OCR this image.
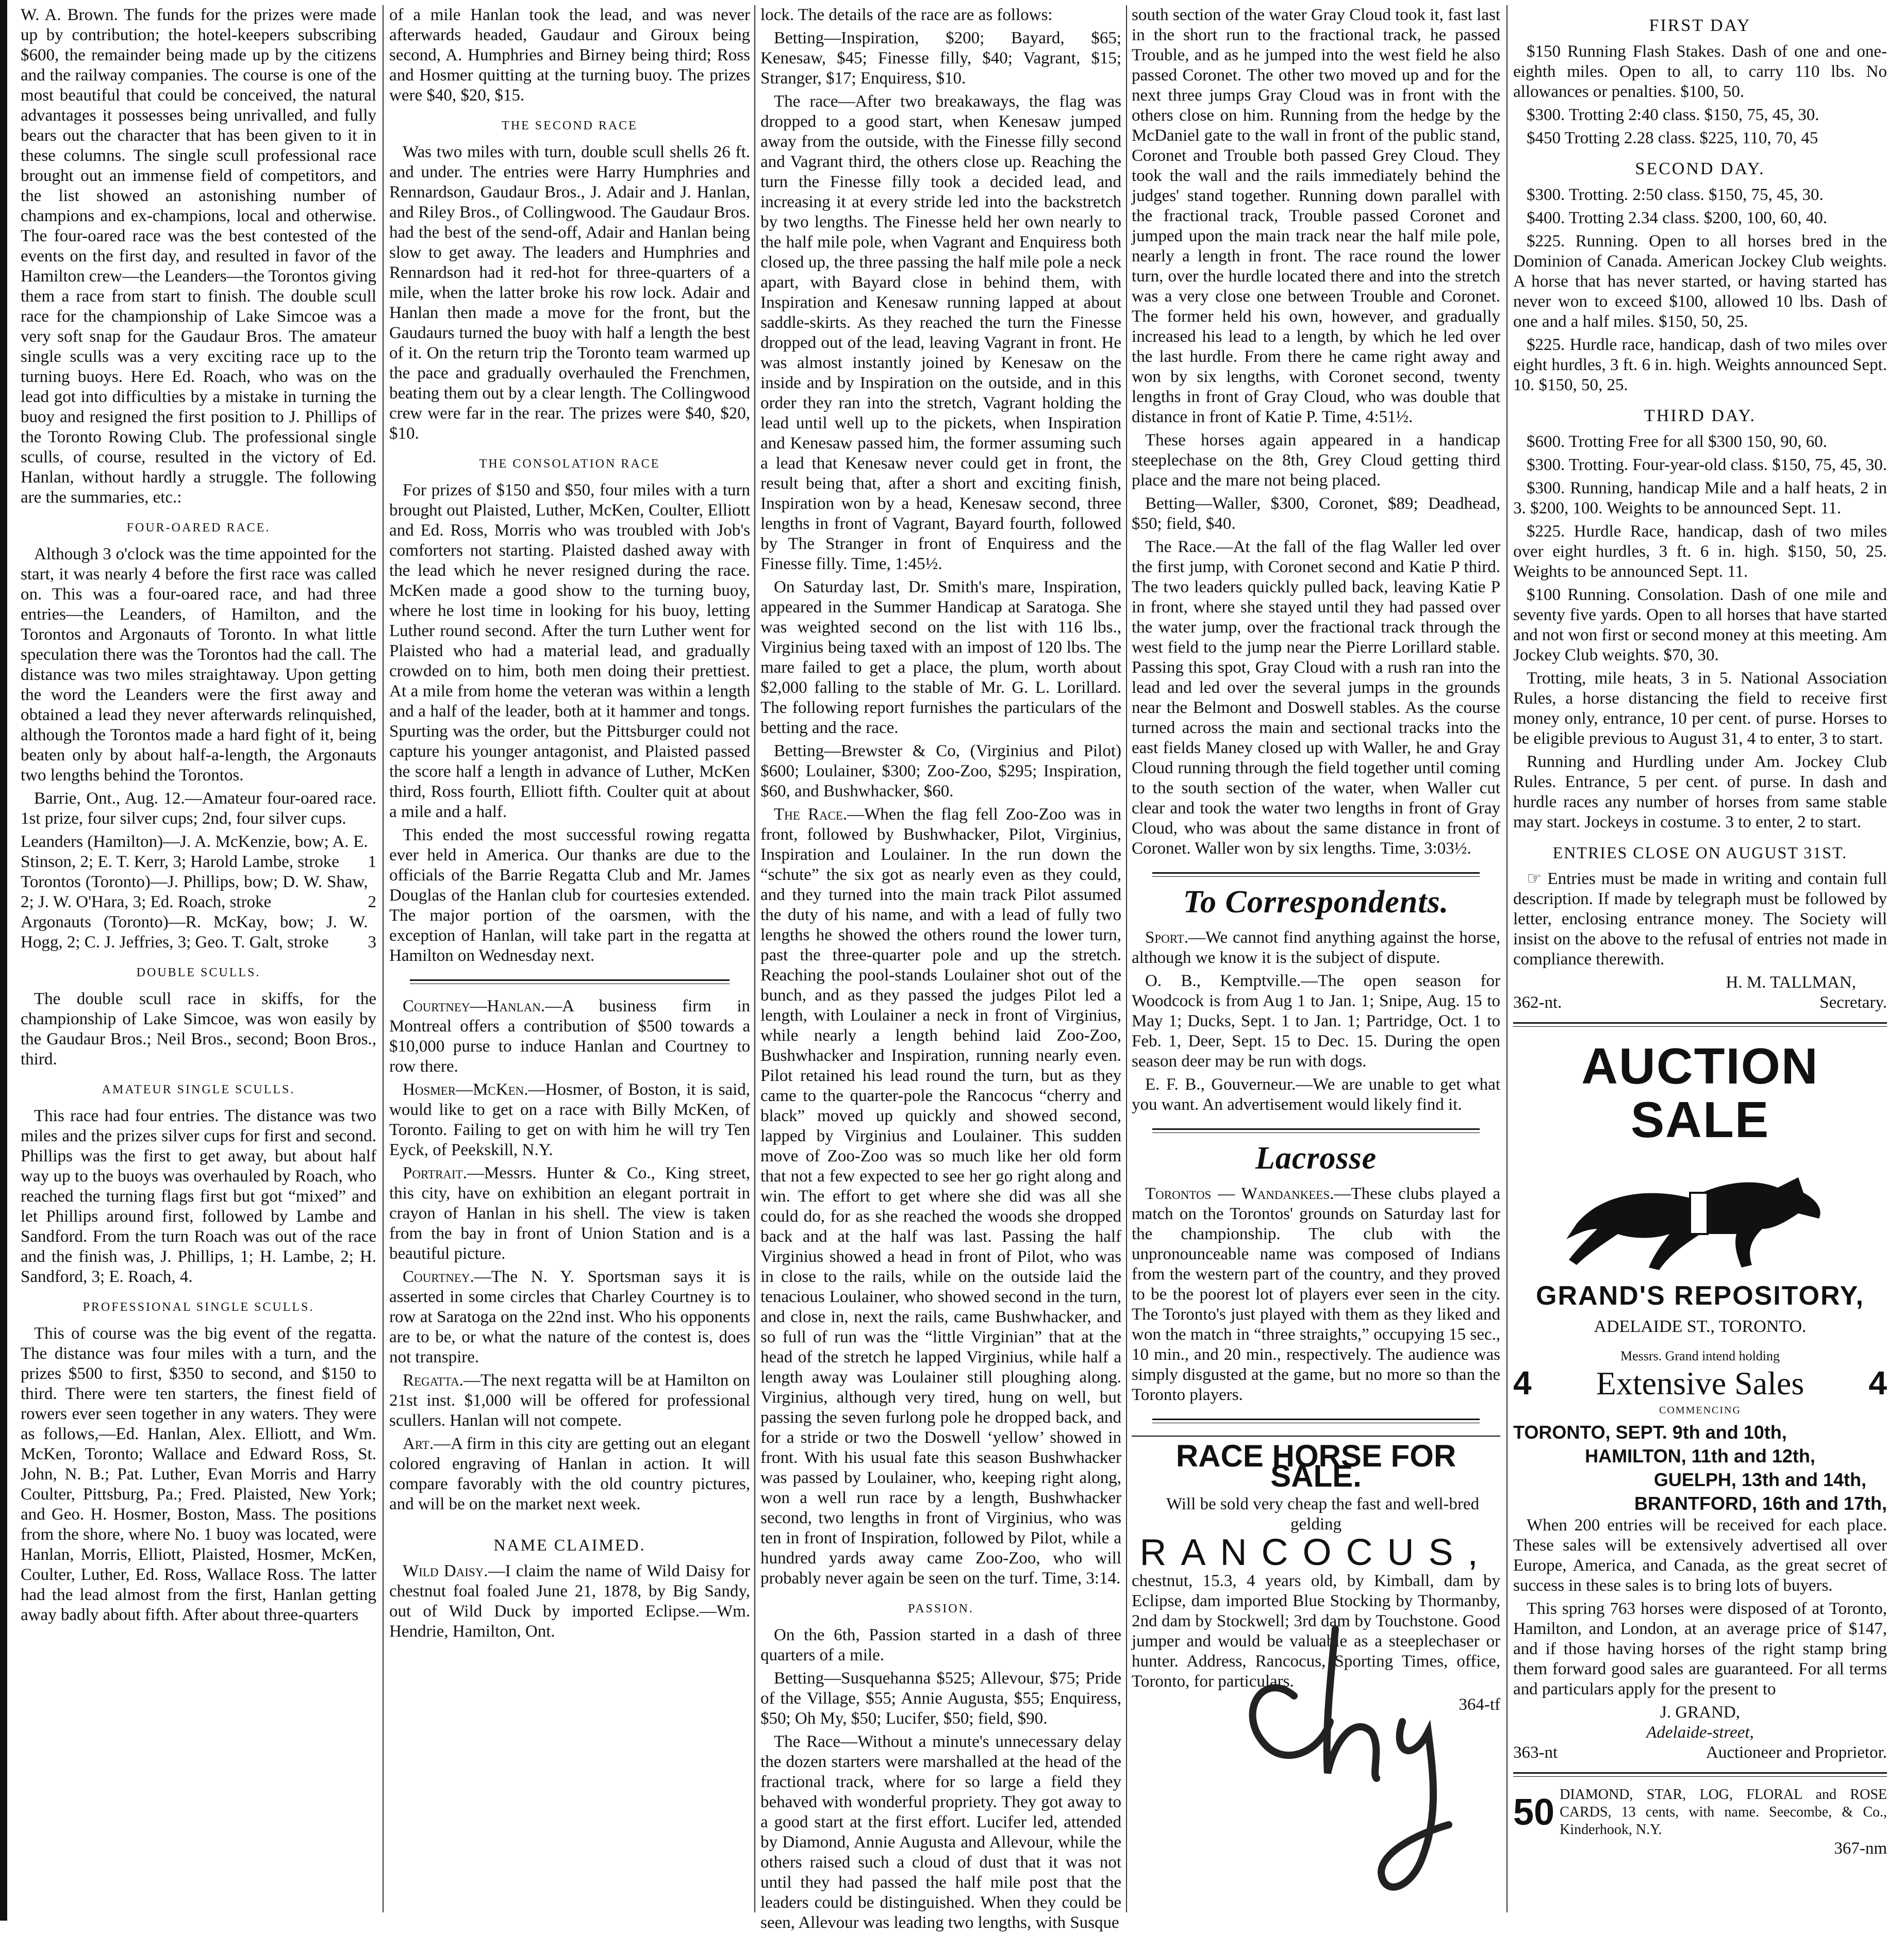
W. A. Brown. The funds for the prizes were made up by contribution; the hotel-keepers subscribing $600, the remainder being made up by the citizens and the railway companies. The course is one of the most beautiful that could be conceived, the natural advantages it possesses being unrivalled, and fully bears out the character that has been given to it in these columns. The single scull professional race brought out an immense field of competitors, and the list showed an astonishing number of champions and ex-champions, local and otherwise. The four-oared race was the best contested of the events on the first day, and resulted in favor of the Hamilton crew—the Leanders—the Torontos giving them a race from start to finish. The double scull race for the championship of Lake Simcoe was a very soft snap for the Gaudaur Bros. The amateur single sculls was a very exciting race up to the turning buoys. Here Ed. Roach, who was on the lead got into difficulties by a mistake in turning the buoy and resigned the first position to J. Phillips of the Toronto Rowing Club. The professional single sculls, of course, resulted in the victory of Ed. Hanlan, without hardly a struggle. The following are the summaries, etc.:

FOUR-OARED RACE.

Although 3 o'clock was the time appointed for the start, it was nearly 4 before the first race was called on. This was a four-oared race, and had three entries—the Leanders, of Hamilton, and the Torontos and Argonauts of Toronto. In what little speculation there was the Torontos had the call. The distance was two miles straightaway. Upon getting the word the Leanders were the first away and obtained a lead they never afterwards relinquished, although the Torontos made a hard fight of it, being beaten only by about half-a-length, the Argonauts two lengths behind the Torontos.

Barrie, Ont., Aug. 12.—Amateur four-oared race. 1st prize, four silver cups; 2nd, four silver cups.

Leanders (Hamilton)—J. A. McKenzie, bow; A. E. Stinson, 2; E. T. Kerr, 3; Harold Lambe, stroke	1
Torontos (Toronto)—J. Phillips, bow; D. W. Shaw, 2; J. W. O'Hara, 3; Ed. Roach, stroke	2
Argonauts (Toronto)—R. McKay, bow; J. W. Hogg, 2; C. J. Jeffries, 3; Geo. T. Galt, stroke	3
DOUBLE SCULLS.

The double scull race in skiffs, for the championship of Lake Simcoe, was won easily by the Gaudaur Bros.; Neil Bros., second; Boon Bros., third.

AMATEUR SINGLE SCULLS.

This race had four entries. The distance was two miles and the prizes silver cups for first and second. Phillips was the first to get away, but about half way up to the buoys was overhauled by Roach, who reached the turning flags first but got “mixed” and let Phillips around first, followed by Lambe and Sandford. From the turn Roach was out of the race and the finish was, J. Phillips, 1; H. Lambe, 2; H. Sandford, 3; E. Roach, 4.

PROFESSIONAL SINGLE SCULLS.

This of course was the big event of the regatta. The distance was four miles with a turn, and the prizes $500 to first, $350 to second, and $150 to third. There were ten starters, the finest field of rowers ever seen together in any waters. They were as follows,—Ed. Hanlan, Alex. Elliott, and Wm. McKen, Toronto; Wallace and Edward Ross, St. John, N. B.; Pat. Luther, Evan Morris and Harry Coulter, Pittsburg, Pa.; Fred. Plaisted, New York; and Geo. H. Hosmer, Boston, Mass. The positions from the shore, where No. 1 buoy was located, were Hanlan, Morris, Elliott, Plaisted, Hosmer, McKen, Coulter, Luther, Ed. Ross, Wallace Ross. The latter had the lead almost from the first, Hanlan getting away badly about fifth. After about three-quarters

of a mile Hanlan took the lead, and was never afterwards headed, Gaudaur and Giroux being second, A. Humphries and Birney being third; Ross and Hosmer quitting at the turning buoy. The prizes were $40, $20, $15.

THE SECOND RACE

Was two miles with turn, double scull shells 26 ft. and under. The entries were Harry Humphries and Rennardson, Gaudaur Bros., J. Adair and J. Hanlan, and Riley Bros., of Collingwood. The Gaudaur Bros. had the best of the send-off, Adair and Hanlan being slow to get away. The leaders and Humphries and Rennardson had it red-hot for three-quarters of a mile, when the latter broke his row lock. Adair and Hanlan then made a move for the front, but the Gaudaurs turned the buoy with half a length the best of it. On the return trip the Toronto team warmed up the pace and gradually overhauled the Frenchmen, beating them out by a clear length. The Collingwood crew were far in the rear. The prizes were $40, $20, $10.

THE CONSOLATION RACE

For prizes of $150 and $50, four miles with a turn brought out Plaisted, Luther, McKen, Coulter, Elliott and Ed. Ross, Morris who was troubled with Job's comforters not starting. Plaisted dashed away with the lead which he never resigned during the race. McKen made a good show to the turning buoy, where he lost time in looking for his buoy, letting Luther round second. After the turn Luther went for Plaisted who had a material lead, and gradually crowded on to him, both men doing their prettiest. At a mile from home the veteran was within a length and a half of the leader, both at it hammer and tongs. Spurting was the order, but the Pittsburger could not capture his younger antagonist, and Plaisted passed the score half a length in advance of Luther, McKen third, Ross fourth, Elliott fifth. Coulter quit at about a mile and a half.

This ended the most successful rowing regatta ever held in America. Our thanks are due to the officials of the Barrie Regatta Club and Mr. James Douglas of the Hanlan club for courtesies extended. The major portion of the oarsmen, with the exception of Hanlan, will take part in the regatta at Hamilton on Wednesday next.

Courtney—Hanlan.—A business firm in Montreal offers a contribution of $500 towards a $10,000 purse to induce Hanlan and Courtney to row there.

Hosmer—McKen.—Hosmer, of Boston, it is said, would like to get on a race with Billy McKen, of Toronto. Failing to get on with him he will try Ten Eyck, of Peekskill, N.Y.

Portrait.—Messrs. Hunter & Co., King street, this city, have on exhibition an elegant portrait in crayon of Hanlan in his shell. The view is taken from the bay in front of Union Station and is a beautiful picture.

Courtney.—The N. Y. Sportsman says it is asserted in some circles that Charley Courtney is to row at Saratoga on the 22nd inst. Who his opponents are to be, or what the nature of the contest is, does not transpire.

Regatta.—The next regatta will be at Hamilton on 21st inst. $1,000 will be offered for professional scullers. Hanlan will not compete.

Art.—A firm in this city are getting out an elegant colored engraving of Hanlan in action. It will compare favorably with the old country pictures, and will be on the market next week.

NAME CLAIMED.

Wild Daisy.—I claim the name of Wild Daisy for chestnut foal foaled June 21, 1878, by Big Sandy, out of Wild Duck by imported Eclipse.—Wm. Hendrie, Hamilton, Ont.

lock. The details of the race are as follows:

Betting—Inspiration, $200; Bayard, $65; Kenesaw, $45; Finesse filly, $40; Vagrant, $15; Stranger, $17; Enquiress, $10.

The race—After two breakaways, the flag was dropped to a good start, when Kenesaw jumped away from the outside, with the Finesse filly second and Vagrant third, the others close up. Reaching the turn the Finesse filly took a decided lead, and increasing it at every stride led into the backstretch by two lengths. The Finesse held her own nearly to the half mile pole, when Vagrant and Enquiress both closed up, the three passing the half mile pole a neck apart, with Bayard close in behind them, with Inspiration and Kenesaw running lapped at about saddle-skirts. As they reached the turn the Finesse dropped out of the lead, leaving Vagrant in front. He was almost instantly joined by Kenesaw on the inside and by Inspiration on the outside, and in this order they ran into the stretch, Vagrant holding the lead until well up to the pickets, when Inspiration and Kenesaw passed him, the former assuming such a lead that Kenesaw never could get in front, the result being that, after a short and exciting finish, Inspiration won by a head, Kenesaw second, three lengths in front of Vagrant, Bayard fourth, followed by The Stranger in front of Enquiress and the Finesse filly. Time, 1:45½.

On Saturday last, Dr. Smith's mare, Inspiration, appeared in the Summer Handicap at Saratoga. She was weighted second on the list with 116 lbs., Virginius being taxed with an impost of 120 lbs. The mare failed to get a place, the plum, worth about $2,000 falling to the stable of Mr. G. L. Lorillard. The following report furnishes the particulars of the betting and the race.

Betting—Brewster & Co, (Virginius and Pilot) $600; Loulainer, $300; Zoo-Zoo, $295; Inspiration, $60, and Bushwhacker, $60.

The Race.—When the flag fell Zoo-Zoo was in front, followed by Bushwhacker, Pilot, Virginius, Inspiration and Loulainer. In the run down the “schute” the six got as nearly even as they could, and they turned into the main track Pilot assumed the duty of his name, and with a lead of fully two lengths he showed the others round the lower turn, past the three-quarter pole and up the stretch. Reaching the pool-stands Loulainer shot out of the bunch, and as they passed the judges Pilot led a length, with Loulainer a neck in front of Virginius, while nearly a length behind laid Zoo-Zoo, Bushwhacker and Inspiration, running nearly even. Pilot retained his lead round the turn, but as they came to the quarter-pole the Rancocus “cherry and black” moved up quickly and showed second, lapped by Virginius and Loulainer. This sudden move of Zoo-Zoo was so much like her old form that not a few expected to see her go right along and win. The effort to get where she did was all she could do, for as she reached the woods she dropped back and at the half was last. Passing the half Virginius showed a head in front of Pilot, who was in close to the rails, while on the outside laid the tenacious Loulainer, who showed second in the turn, and close in, next the rails, came Bushwhacker, and so full of run was the “little Virginian” that at the head of the stretch he lapped Virginius, while half a length away was Loulainer still ploughing along. Virginius, although very tired, hung on well, but passing the seven furlong pole he dropped back, and for a stride or two the Doswell ‘yellow’ showed in front. With his usual fate this season Bushwhacker was passed by Loulainer, who, keeping right along, won a well run race by a length, Bushwhacker second, two lengths in front of Virginius, who was ten in front of Inspiration, followed by Pilot, while a hundred yards away came Zoo-Zoo, who will probably never again be seen on the turf. Time, 3:14.

PASSION.

On the 6th, Passion started in a dash of three quarters of a mile.

Betting—Susquehanna $525; Allevour, $75; Pride of the Village, $55; Annie Augusta, $55; Enquiress, $50; Oh My, $50; Lucifer, $50; field, $90.

The Race—Without a minute's unnecessary delay the dozen starters were marshalled at the head of the fractional track, where for so large a field they behaved with wonderful propriety. They got away to a good start at the first effort. Lucifer led, attended by Diamond, Annie Augusta and Allevour, while the others raised such a cloud of dust that it was not until they had passed the half mile post that the leaders could be distinguished. When they could be seen, Allevour was leading two lengths, with Susque

south section of the water Gray Cloud took it, fast last in the short run to the fractional track, he passed Trouble, and as he jumped into the west field he also passed Coronet. The other two moved up and for the next three jumps Gray Cloud was in front with the others close on him. Running from the hedge by the McDaniel gate to the wall in front of the public stand, Coronet and Trouble both passed Grey Cloud. They took the wall and the rails immediately behind the judges' stand together. Running down parallel with the fractional track, Trouble passed Coronet and jumped upon the main track near the half mile pole, nearly a length in front. The race round the lower turn, over the hurdle located there and into the stretch was a very close one between Trouble and Coronet. The former held his own, however, and gradually increased his lead to a length, by which he led over the last hurdle. From there he came right away and won by six lengths, with Coronet second, twenty lengths in front of Gray Cloud, who was double that distance in front of Katie P. Time, 4:51½.

These horses again appeared in a handicap steeplechase on the 8th, Grey Cloud getting third place and the mare not being placed.

Betting—Waller, $300, Coronet, $89; Deadhead, $50; field, $40.

The Race.—At the fall of the flag Waller led over the first jump, with Coronet second and Katie P third. The two leaders quickly pulled back, leaving Katie P in front, where she stayed until they had passed over the water jump, over the fractional track through the west field to the jump near the Pierre Lorillard stable. Passing this spot, Gray Cloud with a rush ran into the lead and led over the several jumps in the grounds near the Belmont and Doswell stables. As the course turned across the main and sectional tracks into the east fields Maney closed up with Waller, he and Gray Cloud running through the field together until coming to the south section of the water, when Waller cut clear and took the water two lengths in front of Gray Cloud, who was about the same distance in front of Coronet. Waller won by six lengths. Time, 3:03½.

To Correspondents.

Sport.—We cannot find anything against the horse, although we know it is the subject of dispute.

O. B., Kemptville.—The open season for Woodcock is from Aug 1 to Jan. 1; Snipe, Aug. 15 to May 1; Ducks, Sept. 1 to Jan. 1; Partridge, Oct. 1 to Feb. 1, Deer, Sept. 15 to Dec. 15. During the open season deer may be run with dogs.

E. F. B., Gouverneur.—We are unable to get what you want. An advertisement would likely find it.

Lacrosse

Torontos — Wandankees.—These clubs played a match on the Torontos' grounds on Saturday last for the championship. The club with the unpronounceable name was composed of Indians from the western part of the country, and they proved to be the poorest lot of players ever seen in the city. The Toronto's just played with them as they liked and won the match in “three straights,” occupying 15 sec., 10 min., and 20 min., respectively. The audience was simply disgusted at the game, but no more so than the Toronto players.

RACE HORSE FOR SALE.

Will be sold very cheap the fast and well-bred gelding

RANCOCUS,

chestnut, 15.3, 4 years old, by Kimball, dam by Eclipse, dam imported Blue Stocking by Thormanby, 2nd dam by Stockwell; 3rd dam by Touchstone. Good jumper and would be valuable as a steeplechaser or hunter. Address, Rancocus, Sporting Times, office, Toronto, for particulars.

364-tf
FIRST DAY

$150 Running Flash Stakes. Dash of one and one-eighth miles. Open to all, to carry 110 lbs. No allowances or penalties. $100, 50.

$300. Trotting 2:40 class. $150, 75, 45, 30.

$450 Trotting 2.28 class. $225, 110, 70, 45

SECOND DAY.

$300. Trotting. 2:50 class. $150, 75, 45, 30.

$400. Trotting 2.34 class. $200, 100, 60, 40.

$225. Running. Open to all horses bred in the Dominion of Canada. American Jockey Club weights. A horse that has never started, or having started has never won to exceed $100, allowed 10 lbs. Dash of one and a half miles. $150, 50, 25.

$225. Hurdle race, handicap, dash of two miles over eight hurdles, 3 ft. 6 in. high. Weights announced Sept. 10. $150, 50, 25.

THIRD DAY.

$600. Trotting Free for all $300 150, 90, 60.

$300. Trotting. Four-year-old class. $150, 75, 45, 30.

$300. Running, handicap Mile and a half heats, 2 in 3. $200, 100. Weights to be announced Sept. 11.

$225. Hurdle Race, handicap, dash of two miles over eight hurdles, 3 ft. 6 in. high. $150, 50, 25. Weights to be announced Sept. 11.

$100 Running. Consolation. Dash of one mile and seventy five yards. Open to all horses that have started and not won first or second money at this meeting. Am Jockey Club weights. $70, 30.

Trotting, mile heats, 3 in 5. National Association Rules, a horse distancing the field to receive first money only, entrance, 10 per cent. of purse. Horses to be eligible previous to August 31, 4 to enter, 3 to start.

Running and Hurdling under Am. Jockey Club Rules. Entrance, 5 per cent. of purse. In dash and hurdle races any number of horses from same stable may start. Jockeys in costume. 3 to enter, 2 to start.

ENTRIES CLOSE ON AUGUST 31ST.

☞ Entries must be made in writing and contain full description. If made by telegraph must be followed by letter, enclosing entrance money. The Society will insist on the above to the refusal of entries not made in compliance therewith.

H. M. TALLMAN,
362-nt.	Secretary.
AUCTION SALE
GRAND'S REPOSITORY,
ADELAIDE ST., TORONTO.
Messrs. Grand intend holding
4 Extensive Sales 4
COMMENCING
TORONTO, SEPT. 9th and 10th,
HAMILTON, 11th and 12th,
GUELPH, 13th and 14th,
BRANTFORD, 16th and 17th,

When 200 entries will be received for each place. These sales will be extensively advertised all over Europe, America, and Canada, as the great secret of success in these sales is to bring lots of buyers.

This spring 763 horses were disposed of at Toronto, Hamilton, and London, at an average price of $147, and if those having horses of the right stamp bring them forward good sales are guaranteed. For all terms and particulars apply for the present to

J. GRAND,
Adelaide-street,
363-nt	Auctioneer and Proprietor.
50 DIAMOND, STAR, LOG, FLORAL and ROSE CARDS, 13 cents, with name. Seecombe, & Co., Kinderhook, N.Y.
367-nm
